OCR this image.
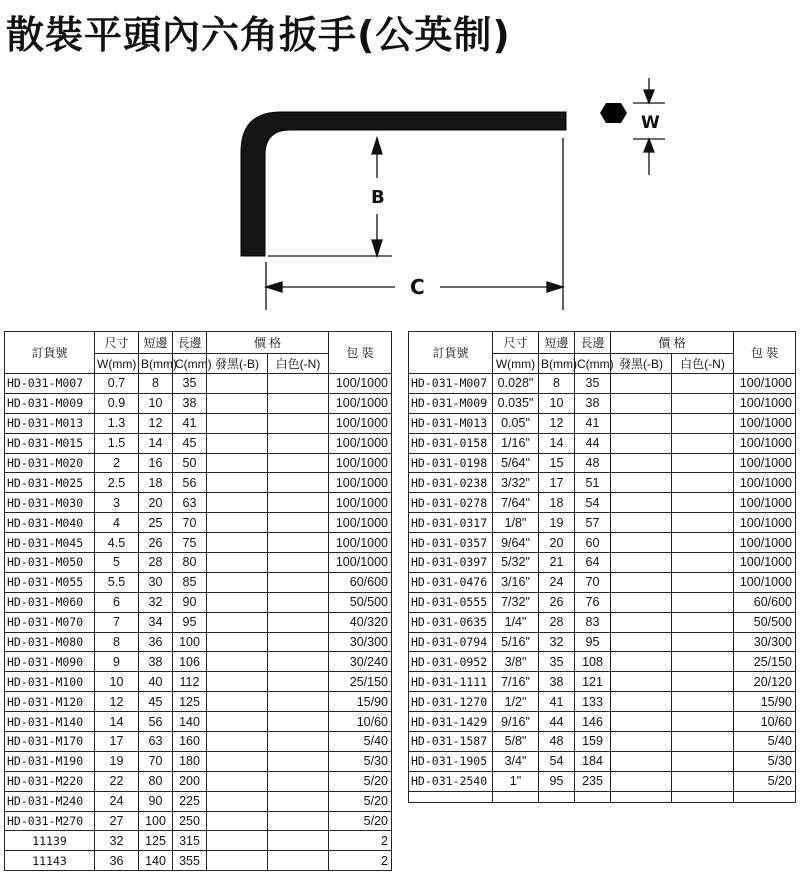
散裝平頭內六角扳手(公英制)
B
C
W
訂貨號	尺寸	短邊	長邊	價 格		包 裝
	W(mm)	B(mm)	C(mm)	發黑(-B)	白色(-N)	
HD-031-M007	0.7	8	35			100/1000
HD-031-M009	0.9	10	38			100/1000
HD-031-M013	1.3	12	41			100/1000
HD-031-M015	1.5	14	45			100/1000
HD-031-M020	2	16	50			100/1000
HD-031-M025	2.5	18	56			100/1000
HD-031-M030	3	20	63			100/1000
HD-031-M040	4	25	70			100/1000
HD-031-M045	4.5	26	75			100/1000
HD-031-M050	5	28	80			100/1000
HD-031-M055	5.5	30	85			60/600
HD-031-M060	6	32	90			50/500
HD-031-M070	7	34	95			40/320
HD-031-M080	8	36	100			30/300
HD-031-M090	9	38	106			30/240
HD-031-M100	10	40	112			25/150
HD-031-M120	12	45	125			15/90
HD-031-M140	14	56	140			10/60
HD-031-M170	17	63	160			5/40
HD-031-M190	19	70	180			5/30
HD-031-M220	22	80	200			5/20
HD-031-M240	24	90	225			5/20
HD-031-M270	27	100	250			5/20
11139	32	125	315			2
11143	36	140	355			2
訂貨號	尺寸	短邊	長邊	價 格		包 裝
	W(mm)	B(mm)	C(mm)	發黑(-B)	白色(-N)	
HD-031-M007	0.028"	8	35			100/1000
HD-031-M009	0.035"	10	38			100/1000
HD-031-M013	0.05"	12	41			100/1000
HD-031-0158	1/16"	14	44			100/1000
HD-031-0198	5/64"	15	48			100/1000
HD-031-0238	3/32"	17	51			100/1000
HD-031-0278	7/64"	18	54			100/1000
HD-031-0317	1/8"	19	57			100/1000
HD-031-0357	9/64"	20	60			100/1000
HD-031-0397	5/32"	21	64			100/1000
HD-031-0476	3/16"	24	70			100/1000
HD-031-0555	7/32"	26	76			60/600
HD-031-0635	1/4"	28	83			50/500
HD-031-0794	5/16"	32	95			30/300
HD-031-0952	3/8"	35	108			25/150
HD-031-1111	7/16"	38	121			20/120
HD-031-1270	1/2"	41	133			15/90
HD-031-1429	9/16"	44	146			10/60
HD-031-1587	5/8"	48	159			5/40
HD-031-1905	3/4"	54	184			5/30
HD-031-2540	1"	95	235			5/20
